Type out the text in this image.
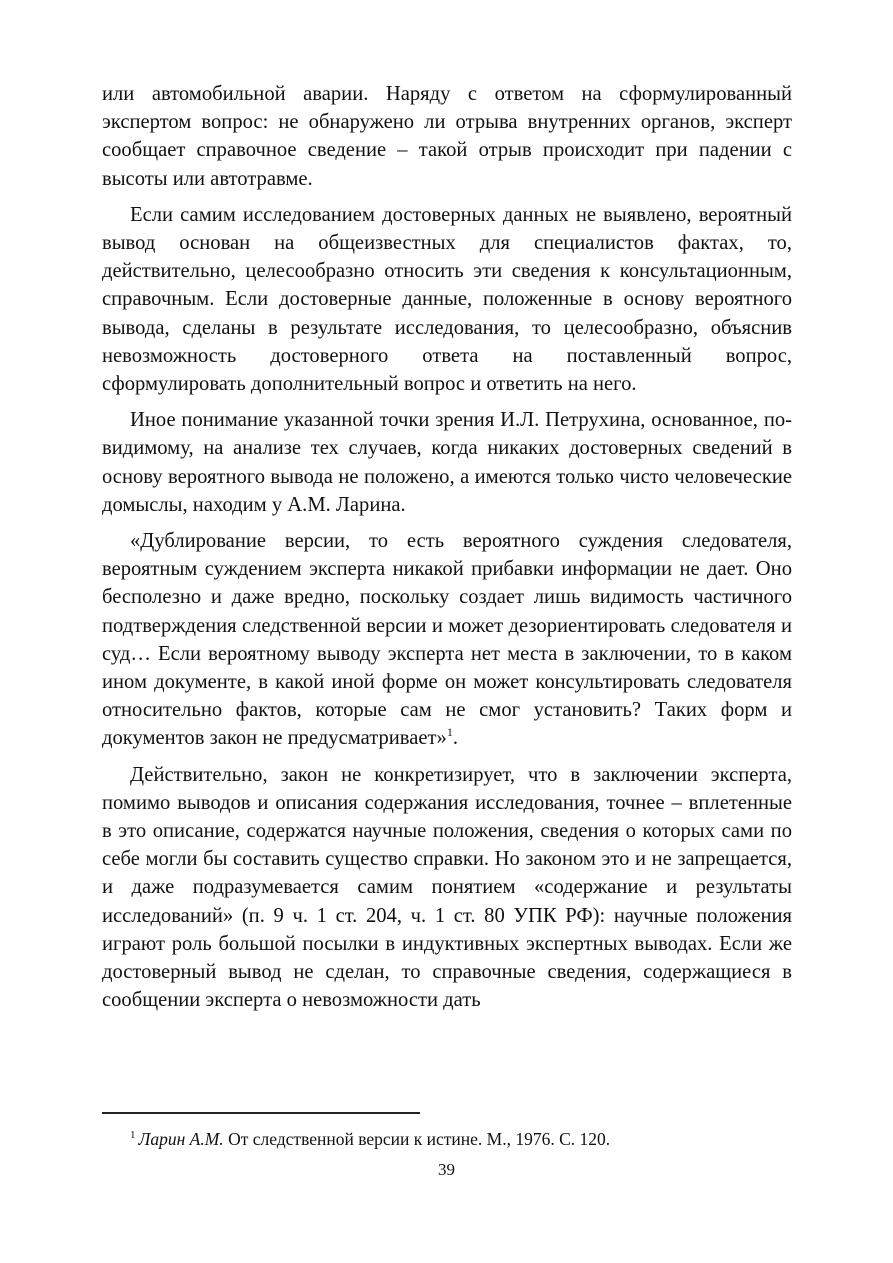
или автомобильной аварии. Наряду с ответом на сформулированный экспертом вопрос: не обнаружено ли отрыва внутренних органов, эксперт сообщает справочное сведение – такой отрыв происходит при падении с высоты или автотравме.

Если самим исследованием достоверных данных не выявлено, вероятный вывод основан на общеизвестных для специалистов фактах, то, действительно, целесообразно относить эти сведения к консультационным, справочным. Если достоверные данные, положенные в основу вероятного вывода, сделаны в результате исследования, то целесообразно, объяснив невозможность достоверного ответа на поставленный вопрос, сформулировать дополнительный вопрос и ответить на него.

Иное понимание указанной точки зрения И.Л. Петрухина, основанное, по-видимому, на анализе тех случаев, когда никаких достоверных сведений в основу вероятного вывода не положено, а имеются только чисто человеческие домыслы, находим у А.М. Ларина.

«Дублирование версии, то есть вероятного суждения следователя, вероятным суждением эксперта никакой прибавки информации не дает. Оно бесполезно и даже вредно, поскольку создает лишь видимость частичного подтверждения следственной версии и может дезориентировать следователя и суд… Если вероятному выводу эксперта нет места в заключении, то в каком ином документе, в какой иной форме он может консультировать следователя относительно фактов, которые сам не смог установить? Таких форм и документов закон не предусматривает»$^1$.

Действительно, закон не конкретизирует, что в заключении эксперта, помимо выводов и описания содержания исследования, точнее – вплетенные в это описание, содержатся научные положения, сведения о которых сами по себе могли бы составить существо справки. Но законом это и не запрещается, и даже подразумевается самим понятием «содержание и результаты исследований» (п. 9 ч. 1 ст. 204, ч. 1 ст. 80 УПК РФ): научные положения играют роль большой посылки в индуктивных экспертных выводах. Если же достоверный вывод не сделан, то справочные сведения, содержащиеся в сообщении эксперта о невозможности дать

$^1$ Ларин А.М. От следственной версии к истине. М., 1976. С. 120.
39
